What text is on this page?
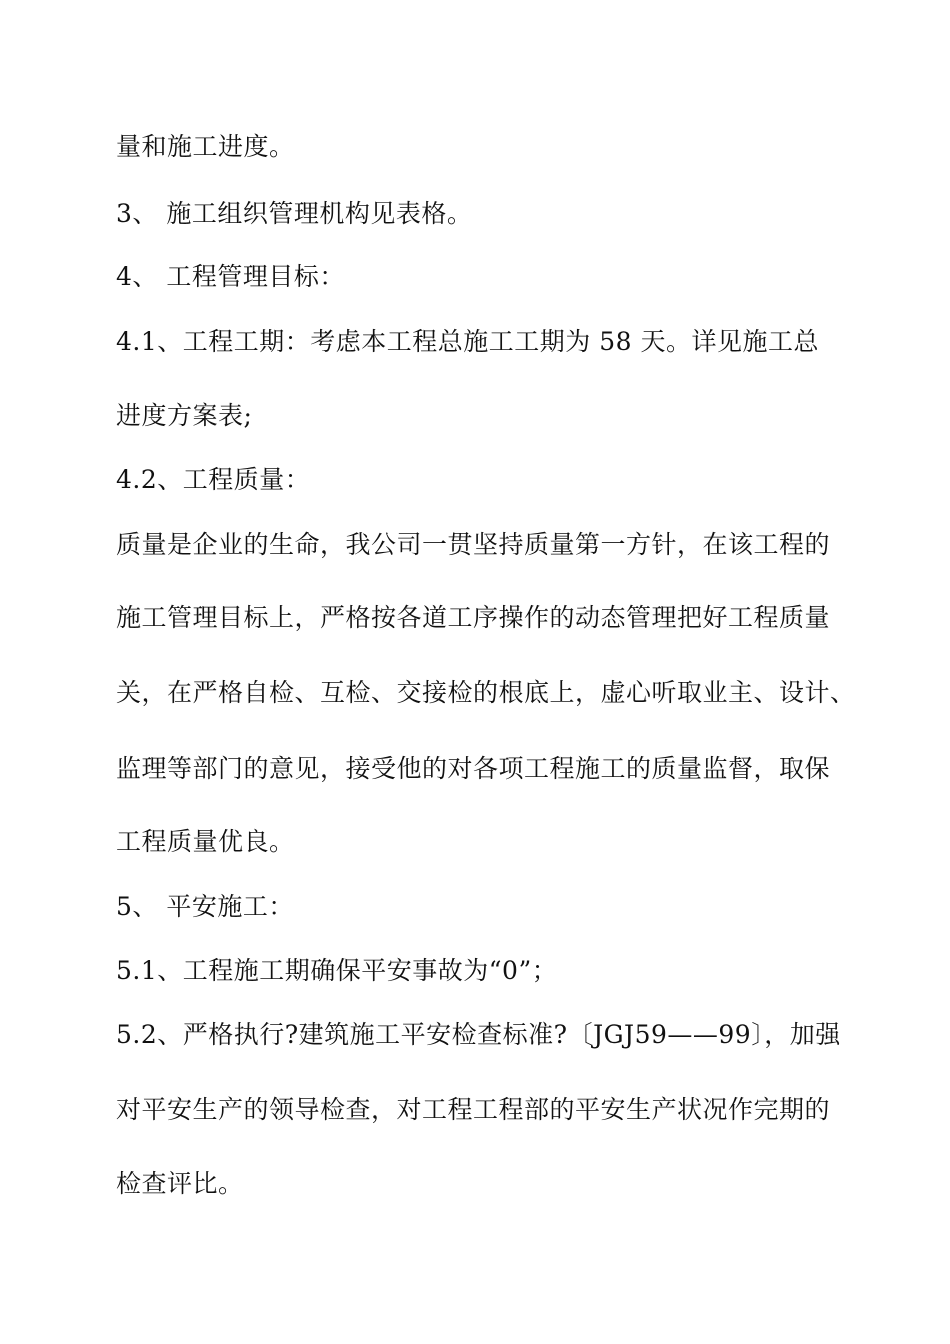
量和施工进度。
3、 施工组织管理机构见表格。
4、 工程管理目标：
4.1、工程工期：考虑本工程总施工工期为 58 天。详见施工总
进度方案表;
4.2、工程质量：
质量是企业的生命，我公司一贯坚持质量第一方针，在该工程的
施工管理目标上，严格按各道工序操作的动态管理把好工程质量
关，在严格自检、互检、交接检的根底上，虚心听取业主、设计、
监理等部门的意见，接受他的对各项工程施工的质量监督，取保
工程质量优良。
5、 平安施工：
5.1、工程施工期确保平安事故为“0”；
5.2、严格执行?建筑施工平安检查标准?〔JGJ59——99〕，加强
对平安生产的领导检查，对工程工程部的平安生产状况作完期的
检查评比。
